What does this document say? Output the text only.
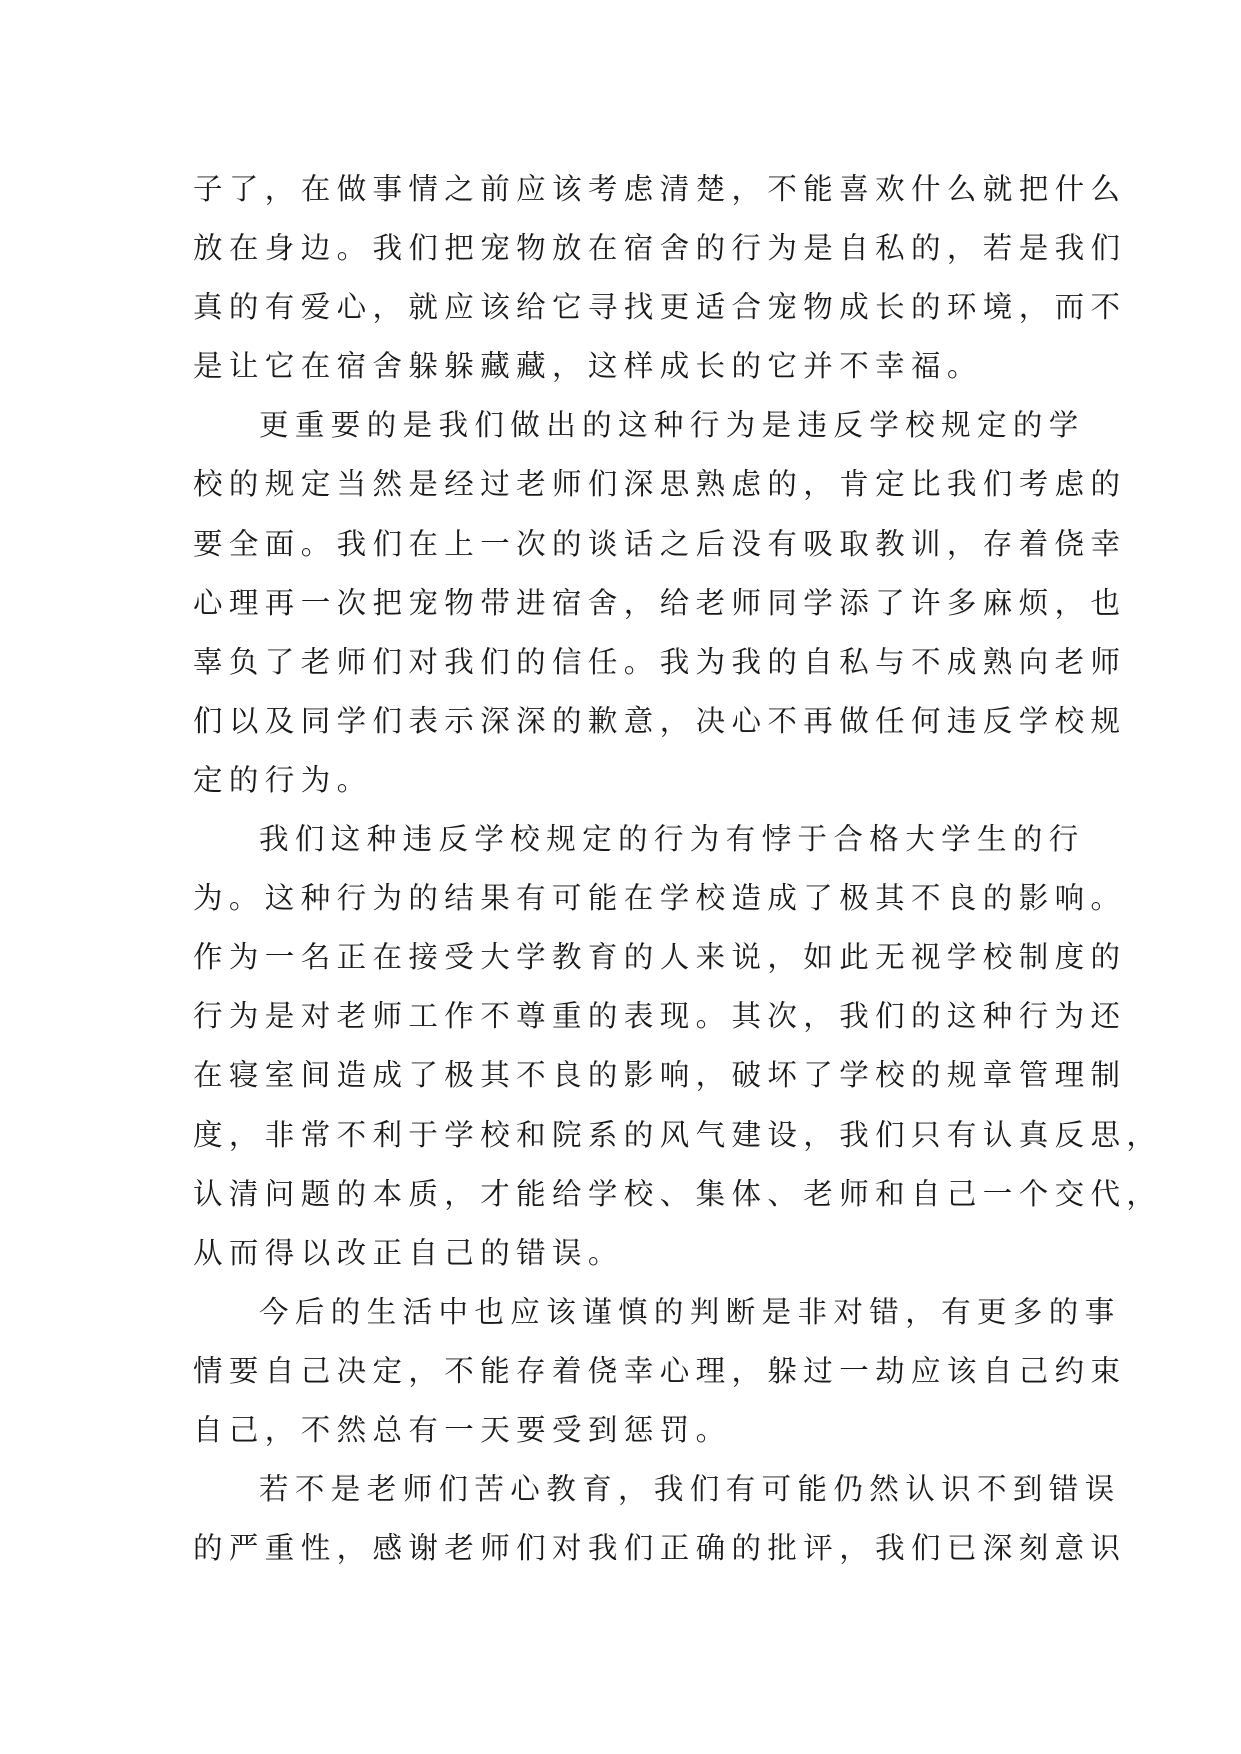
子了，在做事情之前应该考虑清楚，不能喜欢什么就把什么
放在身边。我们把宠物放在宿舍的行为是自私的，若是我们
真的有爱心，就应该给它寻找更适合宠物成长的环境，而不
是让它在宿舍躲躲藏藏，这样成长的它并不幸福。
更重要的是我们做出的这种行为是违反学校规定的学
校的规定当然是经过老师们深思熟虑的，肯定比我们考虑的
要全面。我们在上一次的谈话之后没有吸取教训，存着侥幸
心理再一次把宠物带进宿舍，给老师同学添了许多麻烦，也
辜负了老师们对我们的信任。我为我的自私与不成熟向老师
们以及同学们表示深深的歉意，决心不再做任何违反学校规
定的行为。
我们这种违反学校规定的行为有悖于合格大学生的行
为。这种行为的结果有可能在学校造成了极其不良的影响。
作为一名正在接受大学教育的人来说，如此无视学校制度的
行为是对老师工作不尊重的表现。其次，我们的这种行为还
在寝室间造成了极其不良的影响，破坏了学校的规章管理制
度，非常不利于学校和院系的风气建设，我们只有认真反思，
认清问题的本质，才能给学校、集体、老师和自己一个交代，
从而得以改正自己的错误。
今后的生活中也应该谨慎的判断是非对错，有更多的事
情要自己决定，不能存着侥幸心理，躲过一劫应该自己约束
自己，不然总有一天要受到惩罚。
若不是老师们苦心教育，我们有可能仍然认识不到错误
的严重性，感谢老师们对我们正确的批评，我们已深刻意识
